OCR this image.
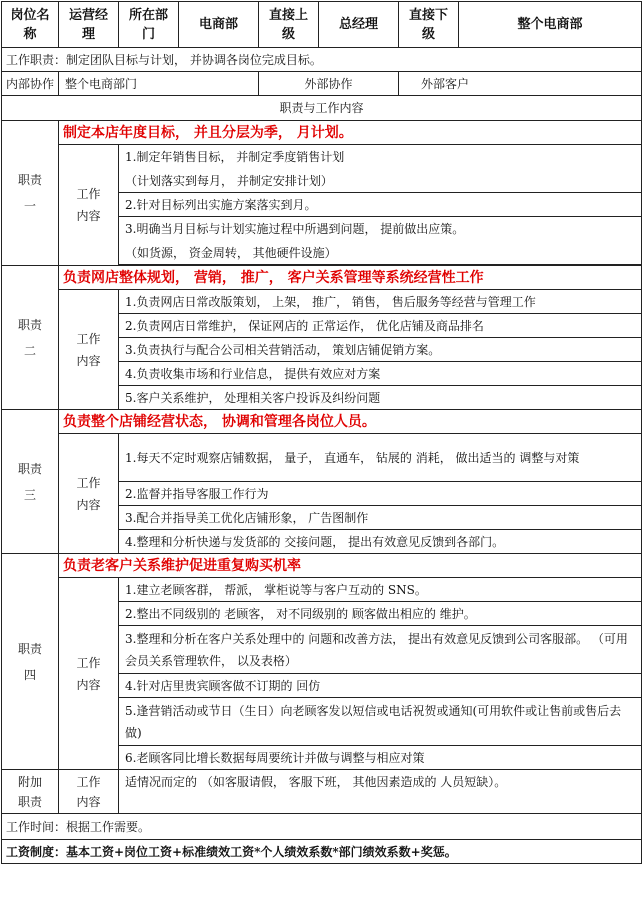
岗位名称	运营经理	所在部门	电商部	直接上级	总经理	直接下级	整个电商部
工作职责：制定团队目标与计划， 并协调各岗位完成目标。							
内部协作	整个电商部门			外部协作		外部客户	
职责与工作内容							
职责一	制定本店年度目标， 并且分层为季， 月计划。						
	工作内容	1.制定年销售目标， 并制定季度销售计划
（计划落实到每月， 并制定安排计划）					

		2.针对目标列出实施方案落实到月。					

		3.明确当月目标与计划实施过程中所遇到问题， 提前做出应策。
（如货源， 资金周转， 其他硬件设施）					

职责二	负责网店整体规划， 营销， 推广， 客户关系管理等系统经营性工作						
	工作内容	1.负责网店日常改版策划， 上架， 推广， 销售， 售后服务等经营与管理工作					
		2.负责网店日常维护， 保证网店的 正常运作， 优化店铺及商品排名					
		3.负责执行与配合公司相关营销活动， 策划店铺促销方案。					
		4.负责收集市场和行业信息， 提供有效应对方案					
		5.客户关系维护， 处理相关客户投诉及纠纷问题					
职责三	负责整个店铺经营状态， 协调和管理各岗位人员。						
	工作内容	1.每天不定时观察店铺数据， 量子， 直通车， 钻展的 消耗， 做出适当的 调整与对策					
		2.监督并指导客服工作行为					
		3.配合并指导美工优化店铺形象， 广告图制作					
		4.整理和分析快递与发货部的 交接问题， 提出有效意见反馈到各部门。					
职责四	负责老客户关系维护促进重复购买机率						
	工作内容	1.建立老顾客群， 帮派， 掌柜说等与客户互动的 SNS。					
		2.整出不同级别的 老顾客， 对不同级别的 顾客做出相应的 维护。					
		3.整理和分析在客户关系处理中的 问题和改善方法， 提出有效意见反馈到公司客服部。 （可用会员关系管理软件， 以及表格）					
		4.针对店里贵宾顾客做不订期的 回仿					
		5.逢营销活动或节日（生日）向老顾客发以短信或电话祝贺或通知(可用软件或让售前或售后去做)					
		6.老顾客同比增长数据每周要统计并做与调整与相应对策					
附加职责	工作内容	适情况而定的 （如客服请假， 客服下班， 其他因素造成的 人员短缺）。					
工作时间：根据工作需要。							
工资制度：基本工资+岗位工资+标准绩效工资*个人绩效系数*部门绩效系数+奖惩。							
